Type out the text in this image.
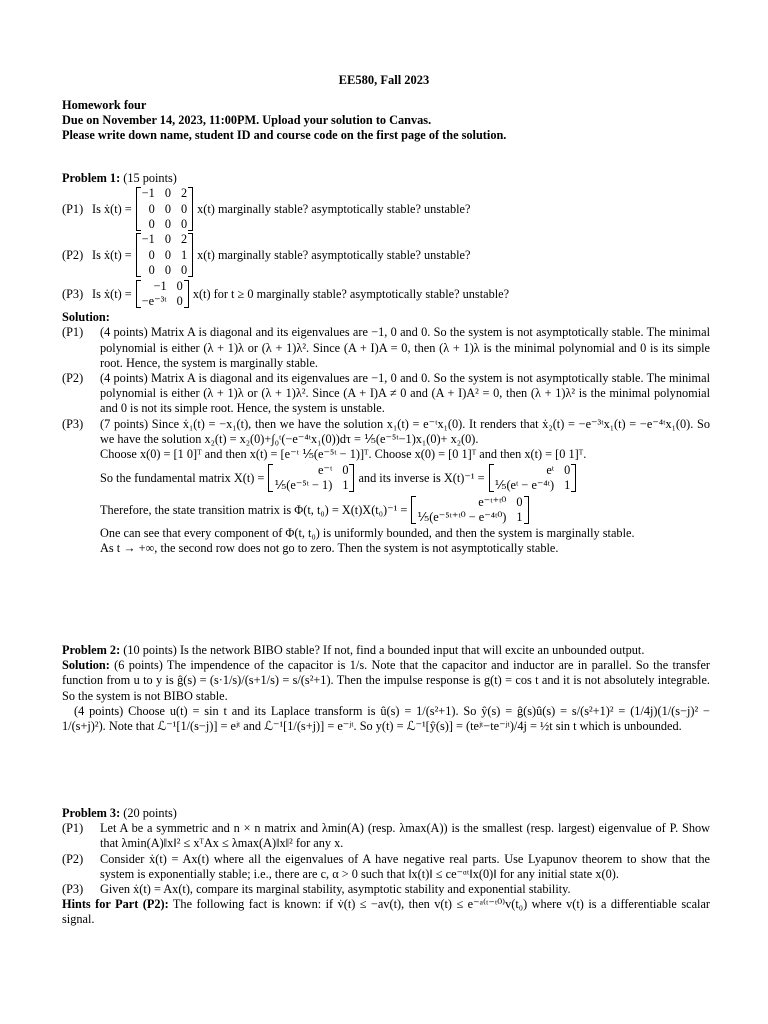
EE580, Fall 2023
Homework four
Due on November 14, 2023, 11:00PM. Upload your solution to Canvas.
Please write down name, student ID and course code on the first page of the solution.
Problem 1: (15 points)
(P1) Is ẋ(t) =
−1 0 2
0 0 0
0 0 0
x(t) marginally stable? asymptotically stable? unstable?
(P2) Is ẋ(t) =
−1 0 2
0 0 1
0 0 0
x(t) marginally stable? asymptotically stable? unstable?
(P3) Is ẋ(t) =
−1 0
−e⁻³ᵗ 0
x(t) for t ≥ 0 marginally stable? asymptotically stable? unstable?
Solution:
(P1)	(4 points) Matrix A is diagonal and its eigenvalues are −1, 0 and 0. So the system is not asymptotically stable. The minimal polynomial is either (λ + 1)λ or (λ + 1)λ². Since (A + I)A = 0, then (λ + 1)λ is the minimal polynomial and 0 is its simple root. Hence, the system is marginally stable.
(P2)	(4 points) Matrix A is diagonal and its eigenvalues are −1, 0 and 0. So the system is not asymptotically stable. The minimal polynomial is either (λ + 1)λ or (λ + 1)λ². Since (A + I)A ≠ 0 and (A + I)A² = 0, then (λ + 1)λ² is the minimal polynomial and 0 is not its simple root. Hence, the system is unstable.
(P3)	(7 points) Since ẋ₁(t) = −x₁(t), then we have the solution x₁(t) = e⁻ᵗx₁(0). It renders that ẋ₂(t) = −e⁻³ᵗx₁(t) = −e⁻⁴ᵗx₁(0). So we have the solution x₂(t) = x₂(0)+∫₀ᵗ(−e⁻⁴ᵗx₁(0))dτ = ⅕(e⁻⁵ᵗ−1)x₁(0)+ x₂(0).
Choose x(0) = [1 0]ᵀ and then x(t) = [e⁻ᵗ ⅕(e⁻⁵ᵗ − 1)]ᵀ. Choose x(0) = [0 1]ᵀ and then x(t) = [0 1]ᵀ.
So the fundamental matrix X(t) =
e⁻ᵗ 0
⅕(e⁻⁵ᵗ − 1) 1
and its inverse is X(t)⁻¹ =
eᵗ 0
⅕(eᵗ − e⁻⁴ᵗ) 1
Therefore, the state transition matrix is Φ(t, t₀) = X(t)X(t₀)⁻¹ =
e⁻ᵗ⁺ᵗ⁰ 0
⅕(e⁻⁵ᵗ⁺ᵗ⁰ − e⁻⁴ᵗ⁰) 1
One can see that every component of Φ(t, t₀) is uniformly bounded, and then the system is marginally stable.
As t → +∞, the second row does not go to zero. Then the system is not asymptotically stable.
Problem 2: (10 points) Is the network BIBO stable? If not, find a bounded input that will excite an unbounded output.
Solution: (6 points) The impendence of the capacitor is 1/s. Note that the capacitor and inductor are in parallel. So the transfer function from u to y is ĝ(s) = (s·1/s)/(s+1/s) = s/(s²+1). Then the impulse response is g(t) = cos t and it is not absolutely integrable. So the system is not BIBO stable.
(4 points) Choose u(t) = sin t and its Laplace transform is û(s) = 1/(s²+1). So ŷ(s) = ĝ(s)û(s) = s/(s²+1)² = (1/4j)(1/(s−j)² − 1/(s+j)²). Note that ℒ⁻¹[1/(s−j)] = eʲᵗ and ℒ⁻¹[1/(s+j)] = e⁻ʲᵗ. So y(t) = ℒ⁻¹[ŷ(s)] = (teʲᵗ−te⁻ʲᵗ)/4j = ½t sin t which is unbounded.
Problem 3: (20 points)
(P1)	Let A be a symmetric and n × n matrix and λmin(A) (resp. λmax(A)) is the smallest (resp. largest) eigenvalue of P. Show that λmin(A)‖x‖² ≤ xᵀAx ≤ λmax(A)‖x‖² for any x.
(P2)	Consider ẋ(t) = Ax(t) where all the eigenvalues of A have negative real parts. Use Lyapunov theorem to show that the system is exponentially stable; i.e., there are c, α > 0 such that ‖x(t)‖ ≤ ce⁻ᵅᵗ‖x(0)‖ for any initial state x(0).
(P3)	Given ẋ(t) = Ax(t), compare its marginal stability, asymptotic stability and exponential stability.
Hints for Part (P2): The following fact is known: if v̇(t) ≤ −av(t), then v(t) ≤ e⁻ᵃ⁽ᵗ⁻ᵗ⁰⁾v(t₀) where v(t) is a differentiable scalar signal.
